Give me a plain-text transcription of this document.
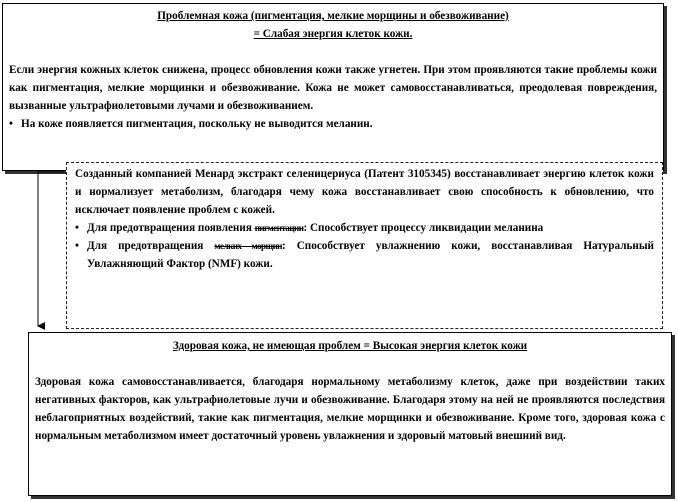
Проблемная кожа (пигментация, мелкие морщины и обезвоживание)

= Слабая энергия клеток кожи.

Если энергия кожных клеток снижена, процесс обновления кожи также угнетен. При этом проявляются такие проблемы кожи как пигментация, мелкие морщинки и обезвоживание. Кожа не может самовосстанавливаться, преодолевая повреждения, вызванные ультрафиолетовыми лучами и обезвоживанием.

• На коже появляется пигментация, поскольку не выводится меланин.

Созданный компанией Менард экстракт селеницериуса (Патент 3105345) восстанавливает энергию клеток кожи и нормализует метаболизм, благодаря чему кожа восстанавливает свою способность к обновлению, что исключает появление проблем с кожей.

• Для предотвращения появления пигментации: Способствует процессу ликвидации меланина
• Для предотвращения мелких морщин: Способствует увлажнению кожи, восстанавливая Натуральный Увлажняющий Фактор (NMF) кожи.

Здоровая кожа, не имеющая проблем = Высокая энергия клеток кожи

Здоровая кожа самовосстанавливается, благодаря нормальному метаболизму клеток, даже при воздействии таких негативных факторов, как ультрафиолетовые лучи и обезвоживание. Благодаря этому на ней не проявляются последствия неблагоприятных воздействий, такие как пигментация, мелкие морщинки и обезвоживание. Кроме того, здоровая кожа с нормальным метаболизмом имеет достаточный уровень увлажнения и здоровый матовый внешний вид.
